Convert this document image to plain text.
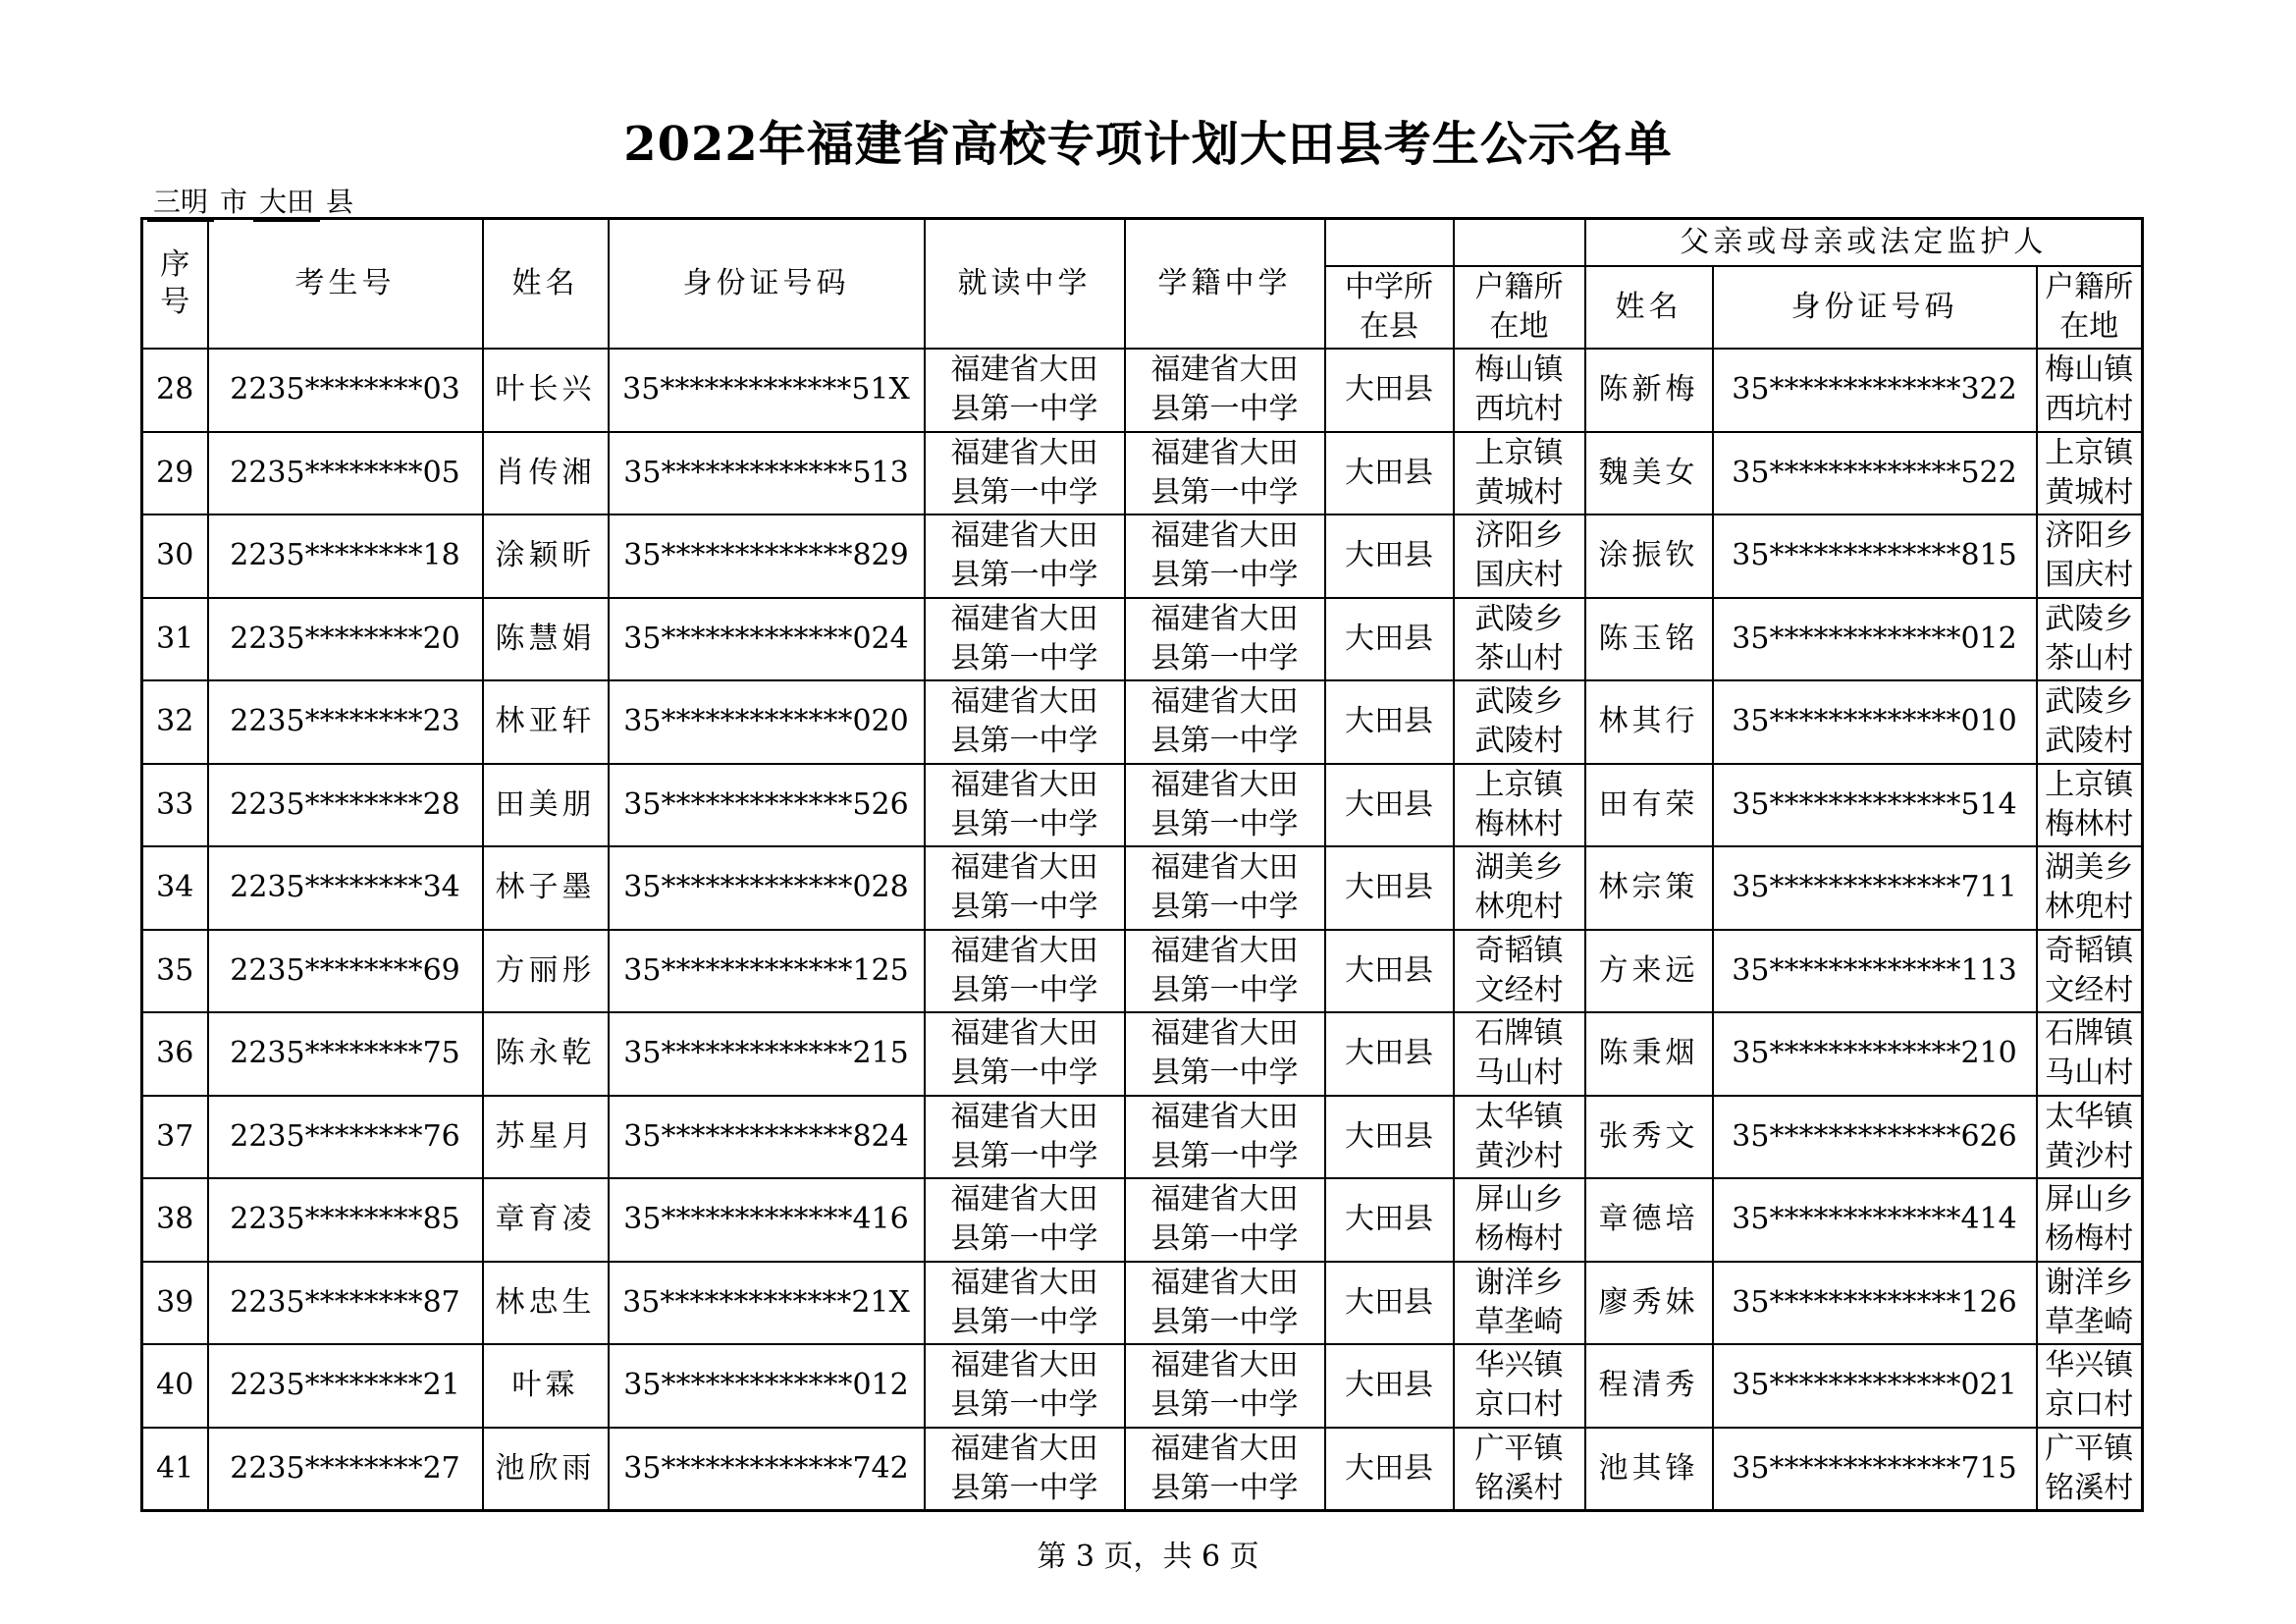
2022年福建省高校专项计划大田县考生公示名单
三明 市 大田 县
序号	考生号	姓名	身份证号码	就读中学	学籍中学			父亲或母亲或法定监护人		

						中学所在县	户籍所在地	姓名	身份证号码	户籍所在地

28	2235********03	叶长兴	35*************51X	福建省大田县第一中学	福建省大田县第一中学	大田县	梅山镇西坑村	陈新梅	35*************322	梅山镇西坑村

29	2235********05	肖传湘	35*************513	福建省大田县第一中学	福建省大田县第一中学	大田县	上京镇黄城村	魏美女	35*************522	上京镇黄城村

30	2235********18	涂颖昕	35*************829	福建省大田县第一中学	福建省大田县第一中学	大田县	济阳乡国庆村	涂振钦	35*************815	济阳乡国庆村

31	2235********20	陈慧娟	35*************024	福建省大田县第一中学	福建省大田县第一中学	大田县	武陵乡茶山村	陈玉铭	35*************012	武陵乡茶山村

32	2235********23	林亚轩	35*************020	福建省大田县第一中学	福建省大田县第一中学	大田县	武陵乡武陵村	林其行	35*************010	武陵乡武陵村

33	2235********28	田美朋	35*************526	福建省大田县第一中学	福建省大田县第一中学	大田县	上京镇梅林村	田有荣	35*************514	上京镇梅林村

34	2235********34	林子墨	35*************028	福建省大田县第一中学	福建省大田县第一中学	大田县	湖美乡林兜村	林宗策	35*************711	湖美乡林兜村

35	2235********69	方丽彤	35*************125	福建省大田县第一中学	福建省大田县第一中学	大田县	奇韬镇文经村	方来远	35*************113	奇韬镇文经村

36	2235********75	陈永乾	35*************215	福建省大田县第一中学	福建省大田县第一中学	大田县	石牌镇马山村	陈秉烟	35*************210	石牌镇马山村

37	2235********76	苏星月	35*************824	福建省大田县第一中学	福建省大田县第一中学	大田县	太华镇黄沙村	张秀文	35*************626	太华镇黄沙村

38	2235********85	章育凌	35*************416	福建省大田县第一中学	福建省大田县第一中学	大田县	屏山乡杨梅村	章德培	35*************414	屏山乡杨梅村

39	2235********87	林忠生	35*************21X	福建省大田县第一中学	福建省大田县第一中学	大田县	谢洋乡草垄崎	廖秀妹	35*************126	谢洋乡草垄崎

40	2235********21	叶霖	35*************012	福建省大田县第一中学	福建省大田县第一中学	大田县	华兴镇京口村	程清秀	35*************021	华兴镇京口村

41	2235********27	池欣雨	35*************742	福建省大田县第一中学	福建省大田县第一中学	大田县	广平镇铭溪村	池其锋	35*************715	广平镇铭溪村
第 3 页，共 6 页
